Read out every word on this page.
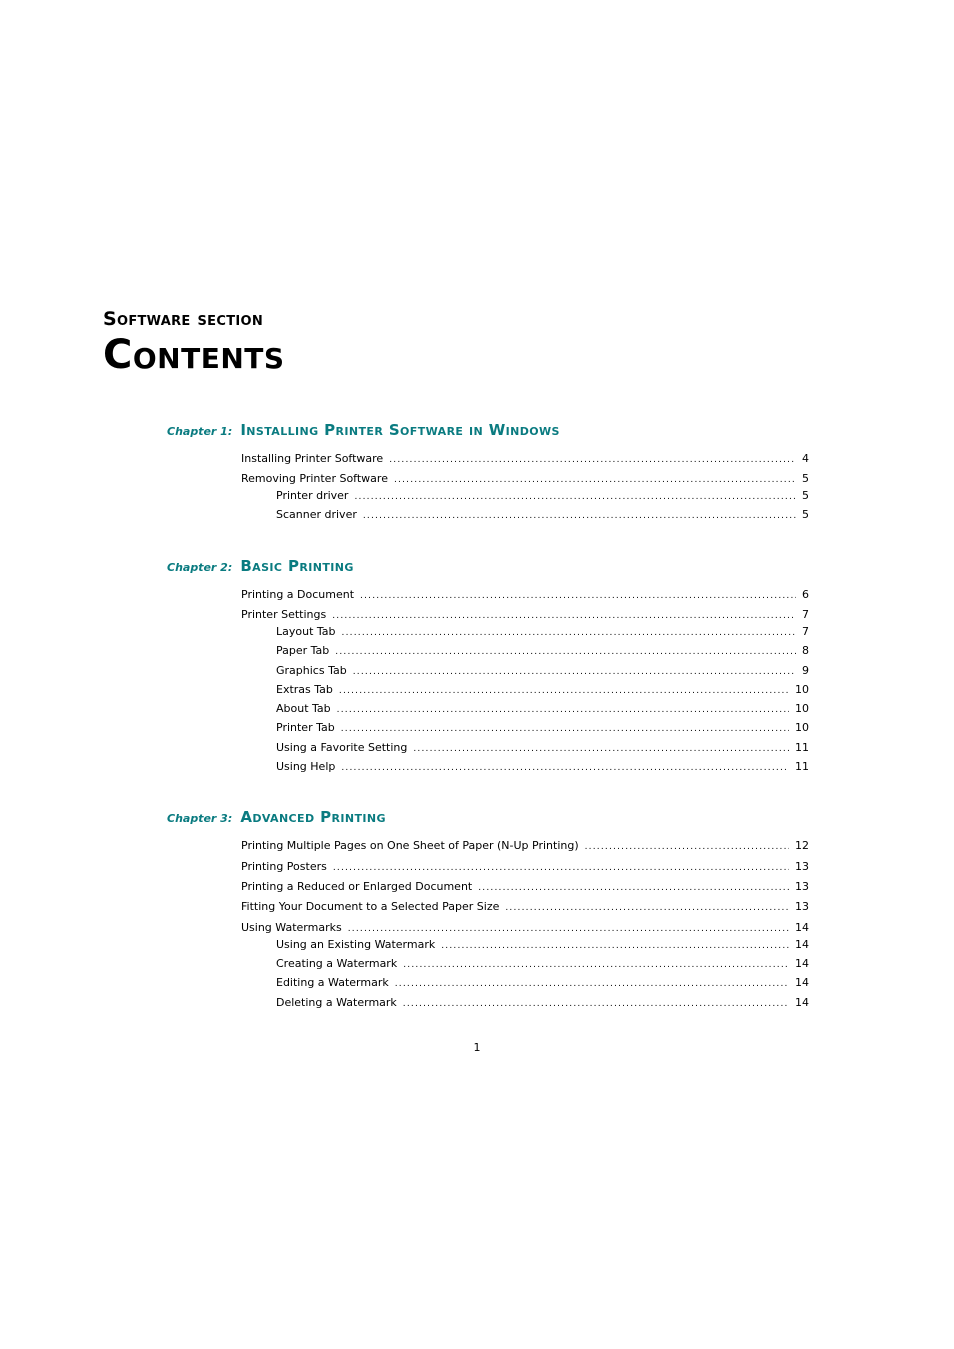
Software section
Contents
Chapter 1: Installing Printer Software in Windows
Installing Printer Software .....	4
Removing Printer Software .....	5
Printer driver .....	5
Scanner driver .....	5
Chapter 2: Basic Printing
Printing a Document .....	6
Printer Settings .....	7
Layout Tab .....	7
Paper Tab .....	8
Graphics Tab .....	9
Extras Tab .....	10
About Tab .....	10
Printer Tab .....	10
Using a Favorite Setting .....	11
Using Help .....	11
Chapter 3: Advanced Printing
Printing Multiple Pages on One Sheet of Paper (N-Up Printing) .....	12
Printing Posters .....	13
Printing a Reduced or Enlarged Document .....	13
Fitting Your Document to a Selected Paper Size .....	13
Using Watermarks .....	14
Using an Existing Watermark .....	14
Creating a Watermark .....	14
Editing a Watermark .....	14
Deleting a Watermark .....	14
1
